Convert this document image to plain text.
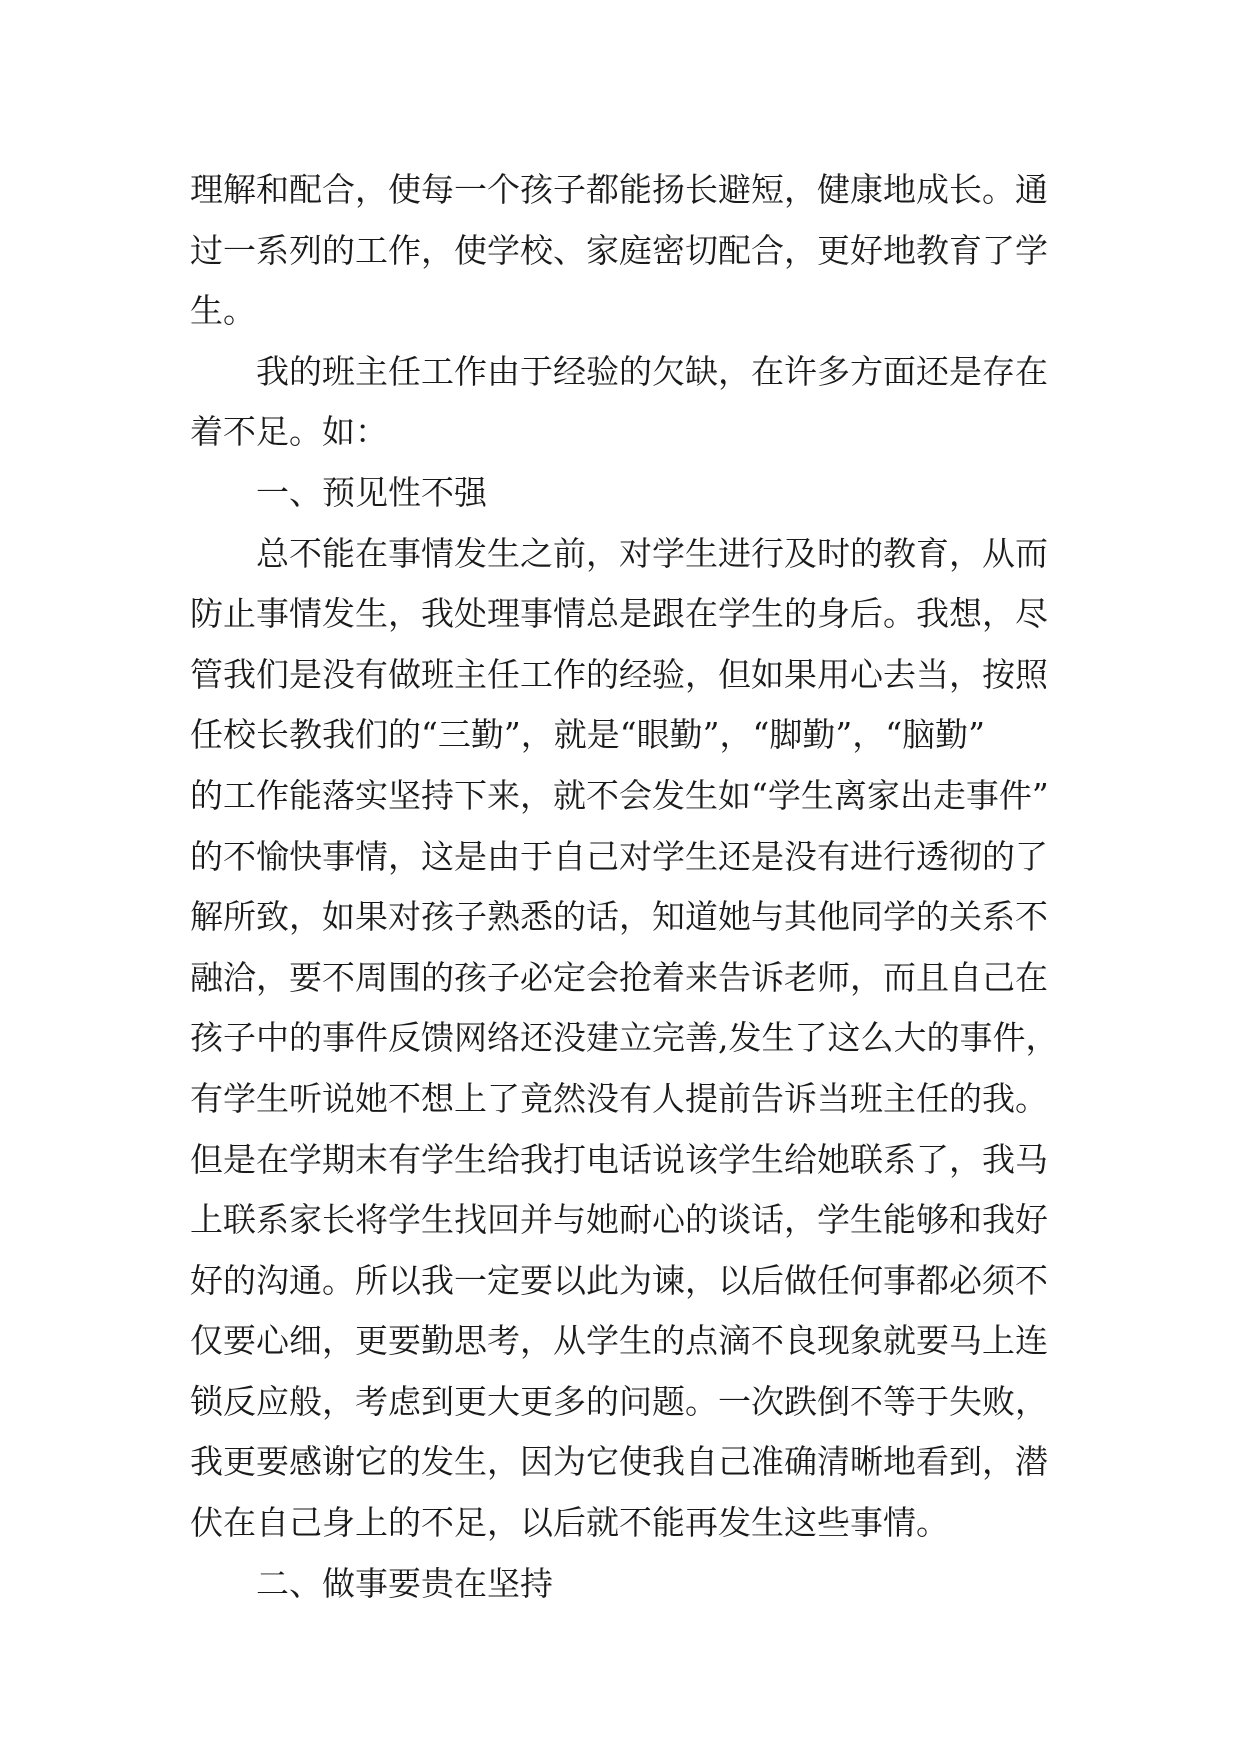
理解和配合，使每一个孩子都能扬长避短，健康地成长。通
过一系列的工作，使学校、家庭密切配合，更好地教育了学
生。
我的班主任工作由于经验的欠缺，在许多方面还是存在
着不足。如：
一、预见性不强
总不能在事情发生之前，对学生进行及时的教育，从而
防止事情发生，我处理事情总是跟在学生的身后。我想，尽
管我们是没有做班主任工作的经验，但如果用心去当，按照
任校长教我们的“三勤”，就是“眼勤”，“脚勤”，“脑勤”
的工作能落实坚持下来，就不会发生如“学生离家出走事件”
的不愉快事情，这是由于自己对学生还是没有进行透彻的了
解所致，如果对孩子熟悉的话，知道她与其他同学的关系不
融洽，要不周围的孩子必定会抢着来告诉老师，而且自己在
孩子中的事件反馈网络还没建立完善,发生了这么大的事件，
有学生听说她不想上了竟然没有人提前告诉当班主任的我。
但是在学期末有学生给我打电话说该学生给她联系了，我马
上联系家长将学生找回并与她耐心的谈话，学生能够和我好
好的沟通。所以我一定要以此为谏，以后做任何事都必须不
仅要心细，更要勤思考，从学生的点滴不良现象就要马上连
锁反应般，考虑到更大更多的问题。一次跌倒不等于失败，
我更要感谢它的发生，因为它使我自己准确清晰地看到，潜
伏在自己身上的不足，以后就不能再发生这些事情。
二、做事要贵在坚持
